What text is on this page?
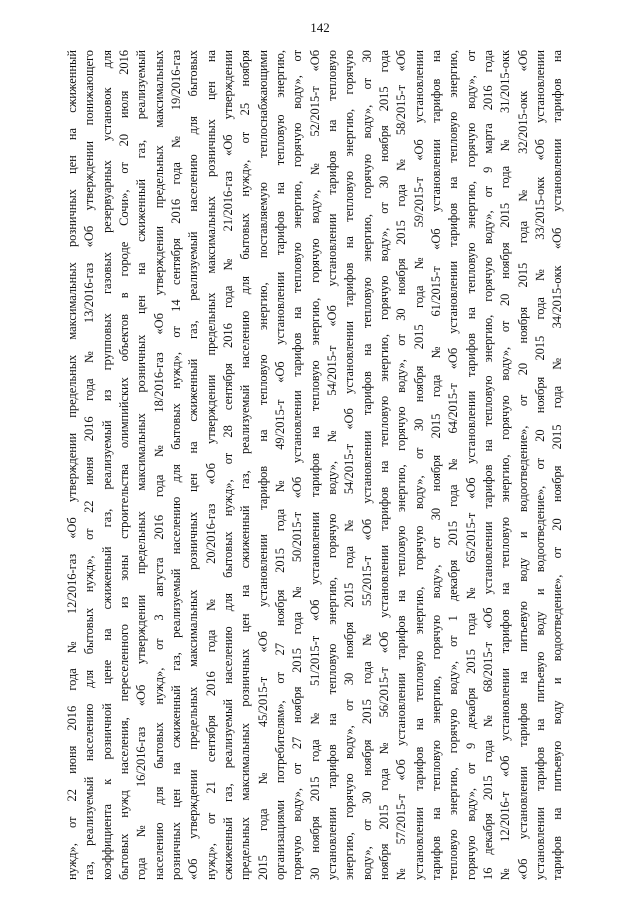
142
нужд», от 22 июня 2016 года № 12/2016-газ «Об утверждении предельных максимальных розничных цен на сжиженный газ, реализуемый населению для бытовых нужд», от 22 июня 2016 года № 13/2016-газ «Об утверждении понижающего коэффициента к розничной цене на сжиженный газ, реализуемый из групповых газовых резервуарных установок для бытовых нужд населения, переселенного из зоны строительства олимпийских объектов в городе Сочи», от 20 июля 2016 года № 16/2016-газ «Об утверждении предельных максимальных розничных цен на сжиженный газ, реализуемый населению для бытовых нужд», от 3 августа 2016 года № 18/2016-газ «Об утверждении предельных максимальных розничных цен на сжиженный газ, реализуемый населению для бытовых нужд», от 14 сентября 2016 года № 19/2016-газ «Об утверждении предельных максимальных розничных цен на сжиженный газ, реализуемый населению для бытовых нужд», от 21 сентября 2016 года № 20/2016-газ «Об утверждении предельных максимальных розничных цен на сжиженный газ, реализуемый населению для бытовых нужд», от 28 сентября 2016 года № 21/2016-газ «Об утверждении предельных максимальных розничных цен на сжиженный газ, реализуемый населению для бытовых нужд», от 25 ноября 2015 года № 45/2015-т «Об установлении тарифов на тепловую энергию, поставляемую теплоснабжающими организациями потребителям», от 27 ноября 2015 года № 49/2015-т «Об установлении тарифов на тепловую энергию, горячую воду», от 27 ноября 2015 года № 50/2015-т «Об установлении тарифов на тепловую энергию, горячую воду», от 30 ноября 2015 года № 51/2015-т «Об установлении тарифов на тепловую энергию, горячую воду», № 52/2015-т «Об установлении тарифов на тепловую энергию, горячую воду», № 54/2015-т «Об установлении тарифов на тепловую энергию, горячую воду», от 30 ноября 2015 года № 54/2015-т «Об установлении тарифов на тепловую энергию, горячую воду», от 30 ноября 2015 года № 55/2015-т «Об установлении тарифов на тепловую энергию, горячую воду», от 30 ноября 2015 года № 56/2015-т «Об установлении тарифов на тепловую энергию, горячую воду», от 30 ноября 2015 года № 57/2015-т «Об установлении тарифов на тепловую энергию, горячую воду», от 30 ноября 2015 года № 58/2015-т «Об установлении тарифов на тепловую энергию, горячую воду», от 30 ноября 2015 года № 59/2015-т «Об установлении тарифов на тепловую энергию, горячую воду», от 30 ноября 2015 года № 61/2015-т «Об установлении тарифов на тепловую энергию, горячую воду», от 1 декабря 2015 года № 64/2015-т «Об установлении тарифов на тепловую энергию, горячую воду», от 9 декабря 2015 года № 65/2015-т «Об установлении тарифов на тепловую энергию, горячую воду», от 16 декабря 2015 года № 68/2015-т «Об установлении тарифов на тепловую энергию, горячую воду», от 9 марта 2016 года № 12/2016-т «Об установлении тарифов на тепловую энергию, горячую воду», от 20 ноября 2015 года № 31/2015-окк «Об установлении тарифов на питьевую воду и водоотведение», от 20 ноября 2015 года № 32/2015-окк «Об установлении тарифов на питьевую воду и водоотведение», от 20 ноября 2015 года № 33/2015-окк «Об установлении тарифов на питьевую воду и водоотведение», от 20 ноября 2015 года № 34/2015-окк «Об установлении тарифов на
